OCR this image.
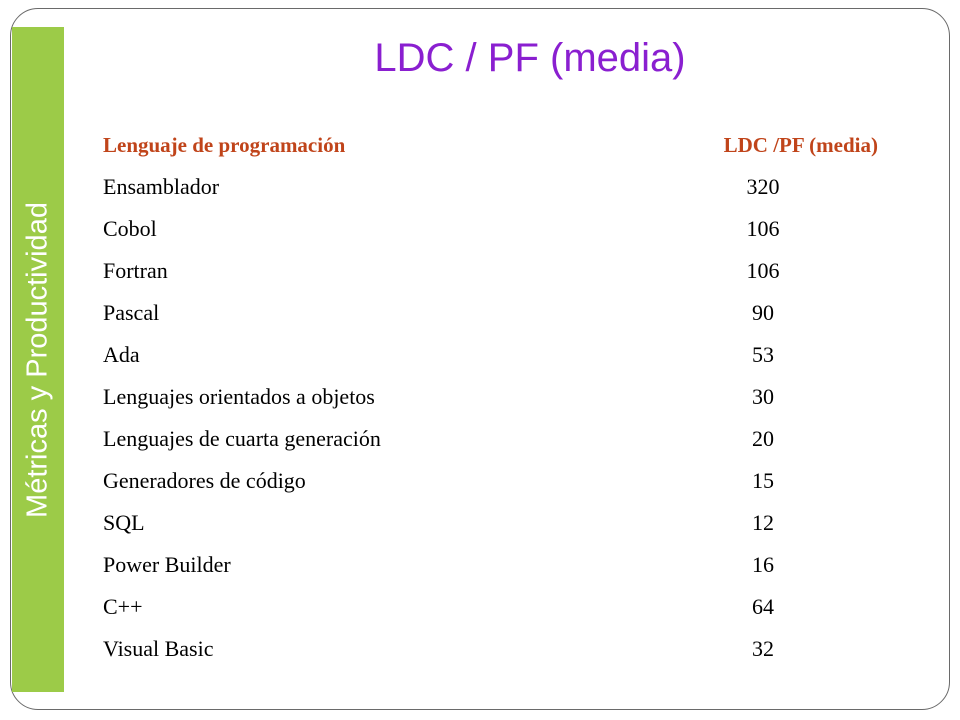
Métricas y Productividad
LDC / PF (media)
Lenguaje de programación	LDC /PF (media)
Ensamblador	320
Cobol	106
Fortran	106
Pascal	90
Ada	53
Lenguajes orientados a objetos	30
Lenguajes de cuarta generación	20
Generadores de código	15
SQL	12
Power Builder	16
C++	64
Visual Basic	32
